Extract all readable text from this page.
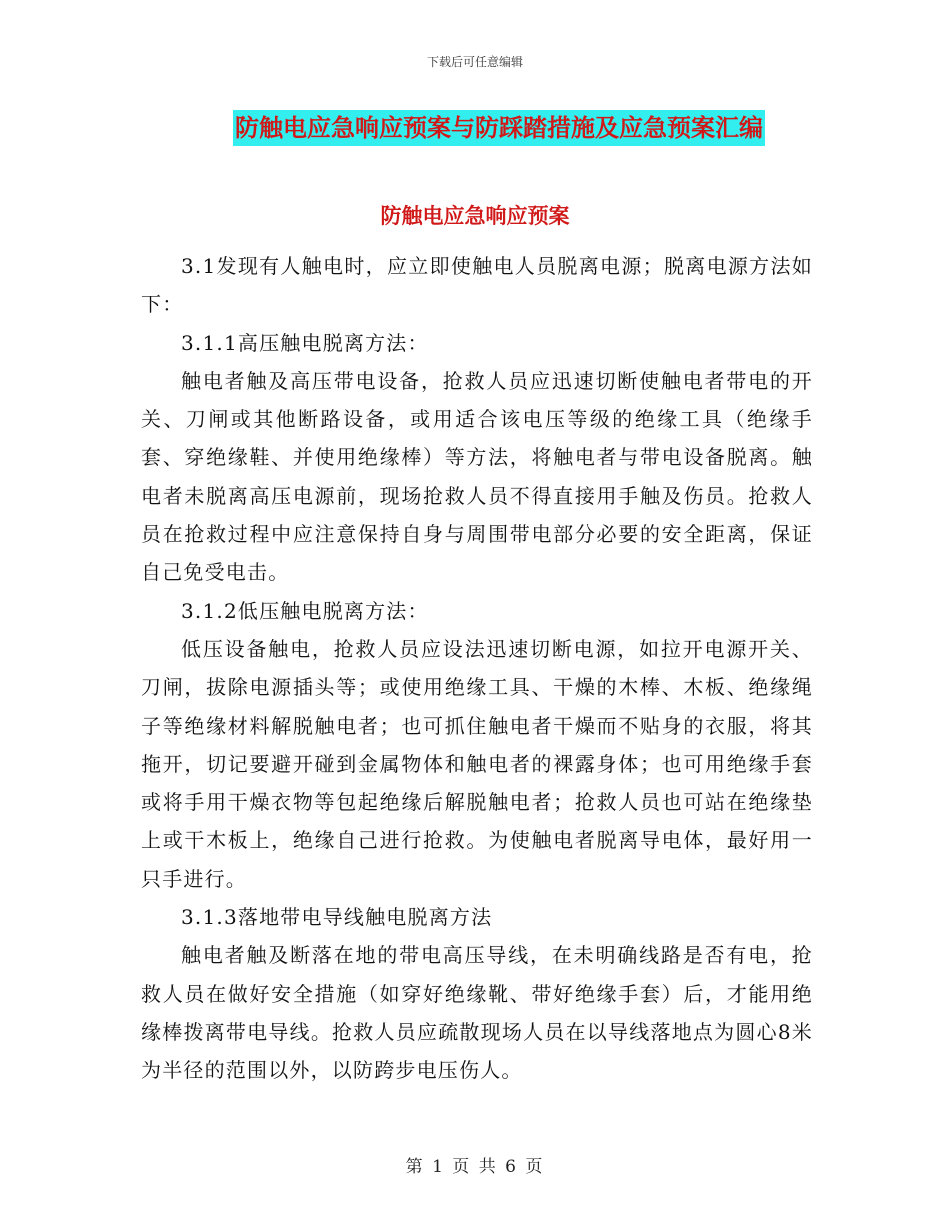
下载后可任意编辑
防触电应急响应预案与防踩踏措施及应急预案汇编
防触电应急响应预案

3.1发现有人触电时，应立即使触电人员脱离电源；脱离电源方法如下：

3.1.1高压触电脱离方法：

触电者触及高压带电设备，抢救人员应迅速切断使触电者带电的开关、刀闸或其他断路设备，或用适合该电压等级的绝缘工具（绝缘手套、穿绝缘鞋、并使用绝缘棒）等方法，将触电者与带电设备脱离。触电者未脱离高压电源前，现场抢救人员不得直接用手触及伤员。抢救人员在抢救过程中应注意保持自身与周围带电部分必要的安全距离，保证自己免受电击。

3.1.2低压触电脱离方法：

低压设备触电，抢救人员应设法迅速切断电源，如拉开电源开关、刀闸，拔除电源插头等；或使用绝缘工具、干燥的木棒、木板、绝缘绳子等绝缘材料解脱触电者；也可抓住触电者干燥而不贴身的衣服，将其拖开，切记要避开碰到金属物体和触电者的裸露身体；也可用绝缘手套或将手用干燥衣物等包起绝缘后解脱触电者；抢救人员也可站在绝缘垫上或干木板上，绝缘自己进行抢救。为使触电者脱离导电体，最好用一只手进行。

3.1.3落地带电导线触电脱离方法

触电者触及断落在地的带电高压导线，在未明确线路是否有电，抢救人员在做好安全措施（如穿好绝缘靴、带好绝缘手套）后，才能用绝缘棒拨离带电导线。抢救人员应疏散现场人员在以导线落地点为圆心8米为半径的范围以外，以防跨步电压伤人。

第 1 页 共 6 页
